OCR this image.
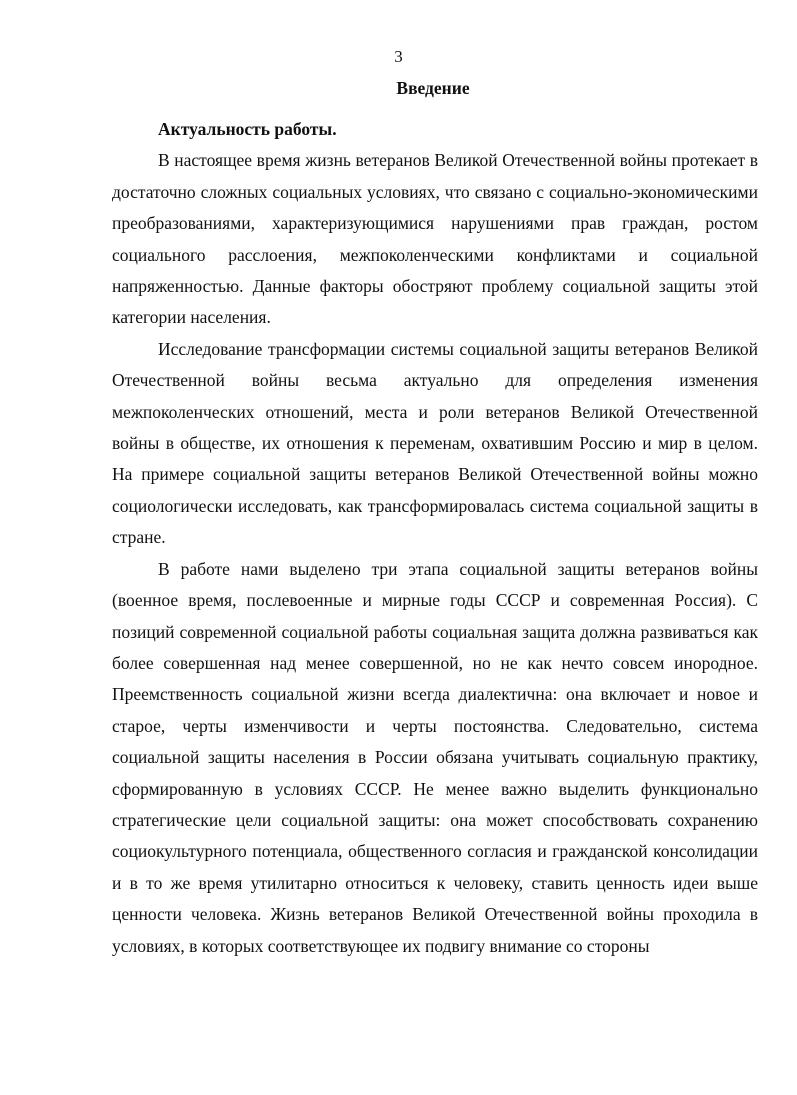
3
Введение

Актуальность работы.

В настоящее время жизнь ветеранов Великой Отечественной войны протекает в достаточно сложных социальных условиях, что связано с социально-экономическими преобразованиями, характеризующимися нарушениями прав граждан, ростом социального расслоения, межпоколенческими конфликтами и социальной напряженностью. Данные факторы обостряют проблему социальной защиты этой категории населения.

Исследование трансформации системы социальной защиты ветеранов Великой Отечественной войны весьма актуально для определения изменения межпоколенческих отношений, места и роли ветеранов Великой Отечественной войны в обществе, их отношения к переменам, охватившим Россию и мир в целом. На примере социальной защиты ветеранов Великой Отечественной войны можно социологически исследовать, как трансформировалась система социальной защиты в стране.

В работе нами выделено три этапа социальной защиты ветеранов войны (военное время, послевоенные и мирные годы СССР и современная Россия). С позиций современной социальной работы социальная защита должна развиваться как более совершенная над менее совершенной, но не как нечто совсем инородное. Преемственность социальной жизни всегда диалектична: она включает и новое и старое, черты изменчивости и черты постоянства. Следовательно, система социальной защиты населения в России обязана учитывать социальную практику, сформированную в условиях СССР. Не менее важно выделить функционально стратегические цели социальной защиты: она может способствовать сохранению социокультурного потенциала, общественного согласия и гражданской консолидации и в то же время утилитарно относиться к человеку, ставить ценность идеи выше ценности человека. Жизнь ветеранов Великой Отечественной войны проходила в условиях, в которых соответствующее их подвигу внимание со стороны
